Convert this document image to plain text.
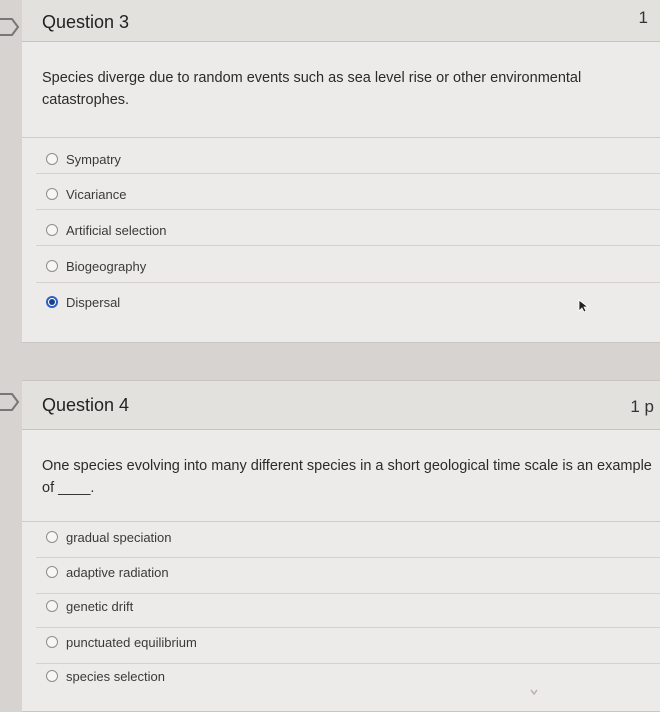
Question 3	1
Species diverge due to random events such as sea level rise or other environmental catastrophes.
Sympatry
Vicariance
Artificial selection
Biogeography
Dispersal
Question 4	1 p
One species evolving into many different species in a short geological time scale is an example of ____.
gradual speciation
adaptive radiation
genetic drift
punctuated equilibrium
species selection
